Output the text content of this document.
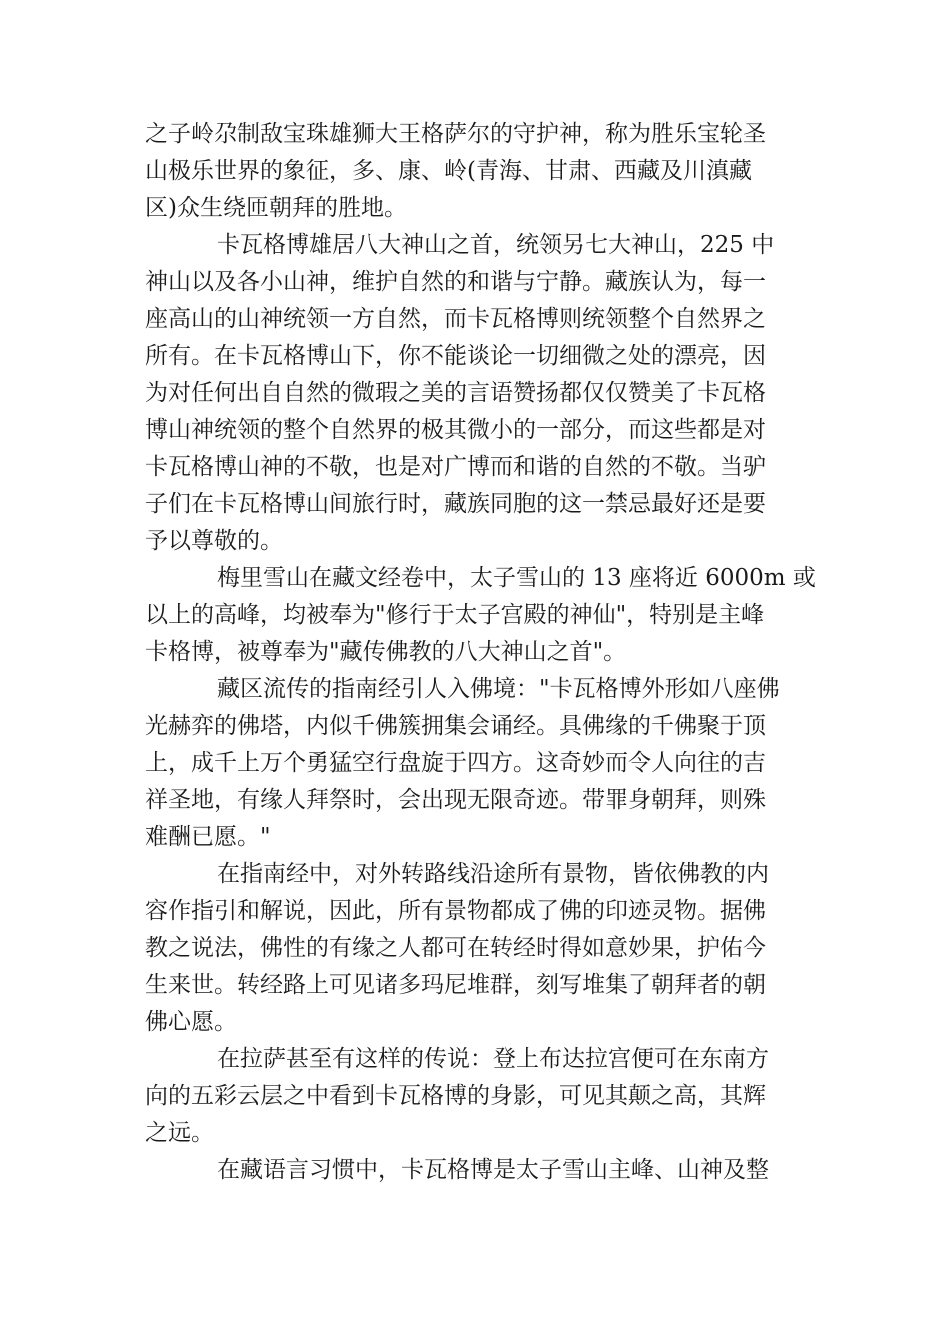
之子岭尕制敌宝珠雄狮大王格萨尔的守护神，称为胜乐宝轮圣
山极乐世界的象征，多、康、岭(青海、甘肃、西藏及川滇藏
区)众生绕匝朝拜的胜地。
卡瓦格博雄居八大神山之首，统领另七大神山，225 中
神山以及各小山神，维护自然的和谐与宁静。藏族认为，每一
座高山的山神统领一方自然，而卡瓦格博则统领整个自然界之
所有。在卡瓦格博山下，你不能谈论一切细微之处的漂亮，因
为对任何出自自然的微瑕之美的言语赞扬都仅仅赞美了卡瓦格
博山神统领的整个自然界的极其微小的一部分，而这些都是对
卡瓦格博山神的不敬，也是对广博而和谐的自然的不敬。当驴
子们在卡瓦格博山间旅行时，藏族同胞的这一禁忌最好还是要
予以尊敬的。
梅里雪山在藏文经卷中，太子雪山的 13 座将近 6000m 或
以上的高峰，均被奉为"修行于太子宫殿的神仙"，特别是主峰
卡格博，被尊奉为"藏传佛教的八大神山之首"。
藏区流传的指南经引人入佛境："卡瓦格博外形如八座佛
光赫弈的佛塔，内似千佛簇拥集会诵经。具佛缘的千佛聚于顶
上，成千上万个勇猛空行盘旋于四方。这奇妙而令人向往的吉
祥圣地，有缘人拜祭时，会出现无限奇迹。带罪身朝拜，则殊
难酬已愿。"
在指南经中，对外转路线沿途所有景物，皆依佛教的内
容作指引和解说，因此，所有景物都成了佛的印迹灵物。据佛
教之说法，佛性的有缘之人都可在转经时得如意妙果，护佑今
生来世。转经路上可见诸多玛尼堆群，刻写堆集了朝拜者的朝
佛心愿。
在拉萨甚至有这样的传说：登上布达拉宫便可在东南方
向的五彩云层之中看到卡瓦格博的身影，可见其颠之高，其辉
之远。
在藏语言习惯中，卡瓦格博是太子雪山主峰、山神及整
